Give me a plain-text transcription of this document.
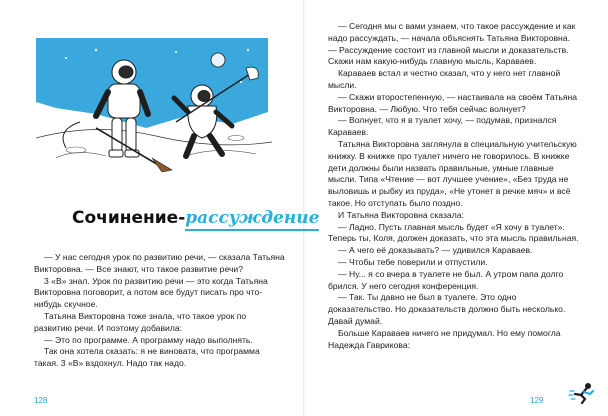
Сочинение-рассуждение

— У нас сегодня урок по развитию речи, — сказала Татьяна Викторовна. — Все знают, что такое развитие речи?

3 «В» знал. Урок по развитию речи — это когда Татьяна Викторовна поговорит, а потом все будут писать про что-нибудь скучное.

Татьяна Викторовна тоже знала, что такое урок по развитию речи. И поэтому добавила:

— Это по программе. А программу надо выполнять.

Так она хотела сказать: я не виновата, что программа такая. 3 «В» вздохнул. Надо так надо.

— Сегодня мы с вами узнаем, что такое рассуждение и как надо рассуждать, — начала объяснять Татьяна Викторовна. — Рассуждение состоит из главной мысли и доказательств. Скажи нам какую-нибудь главную мысль, Караваев.

Караваев встал и честно сказал, что у него нет главной мысли.

— Скажи второстепенную, — настаивала на своём Татьяна Викторовна. — Любую. Что тебя сейчас волнует?

— Волнует, что я в туалет хочу, — подумав, признался Караваев.

Татьяна Викторовна заглянула в специальную учительскую книжку. В книжке про туалет ничего не говорилось. В книжке дети должны были назвать правильные, умные главные мысли. Типа «Чтение — вот лучшее учение», «Без труда не выловишь и рыбку из пруда», «Не утонет в речке мяч» и всё такое. Но отступать было поздно.

И Татьяна Викторовна сказала:

— Ладно. Пусть главная мысль будет «Я хочу в туалет». Теперь ты, Коля, должен доказать, что эта мысль правильная.

— А чего её доказывать? — удивился Караваев.

— Чтобы тебе поверили и отпустили.

— Ну... я со вчера в туалете не был. А утром папа долго брился. У него сегодня конференция.

— Так. Ты давно не был в туалете. Это одно доказательство. Но доказательств должно быть несколько. Давай думай.

Больше Караваев ничего не придумал. Но ему помогла Надежда Гаврикова:

128	129
